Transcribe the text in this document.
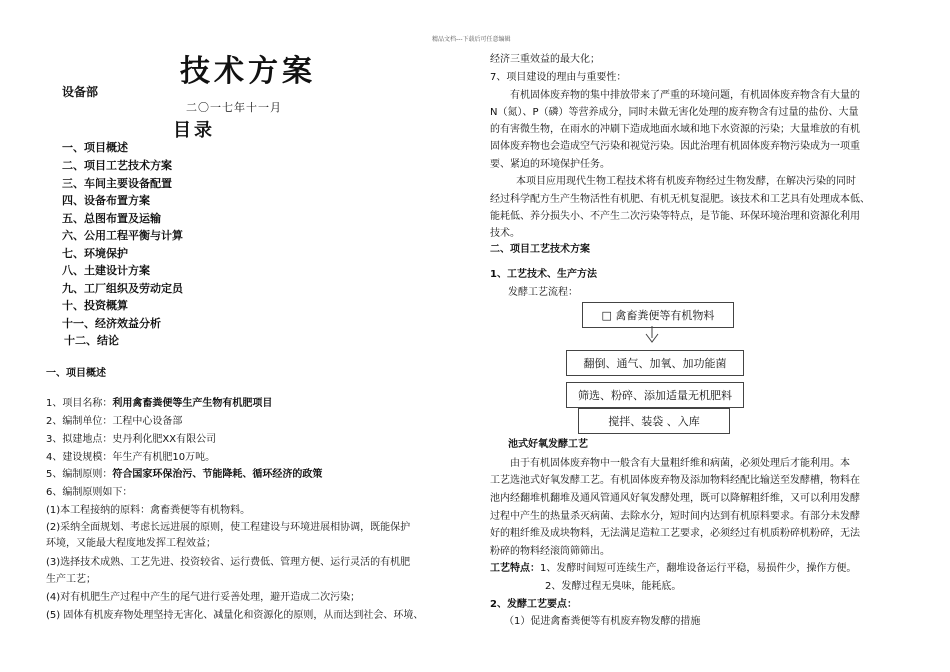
精品文档---下载后可任意编辑
技术方案
设备部
二〇一七年十一月
目录
一、项目概述
二、项目工艺技术方案
三、车间主要设备配置
四、设备布置方案
五、总图布置及运输
六、公用工程平衡与计算
七、环境保护
八、土建设计方案
九、工厂组织及劳动定员
十、投资概算
十一、经济效益分析
十二、结论
一、项目概述
1、项目名称：利用禽畜粪便等生产生物有机肥项目
2、编制单位：工程中心设备部
3、拟建地点：史丹利化肥XX有限公司
4、建设规模：年生产有机肥10万吨。
5、编制原则：符合国家环保治污、节能降耗、循环经济的政策
6、编制原则如下：
(1)本工程接纳的原料：禽畜粪便等有机物料。
(2)采纳全面规划、考虑长远进展的原则，使工程建设与环境进展相协调，既能保护
环境，又能最大程度地发挥工程效益；
(3)选择技术成熟、工艺先进、投资较省、运行费低、管理方便、运行灵活的有机肥
生产工艺；
(4)对有机肥生产过程中产生的尾气进行妥善处理，避开造成二次污染；
(5) 固体有机废弃物处理坚持无害化、减量化和资源化的原则，从而达到社会、环境、
经济三重效益的最大化；
7、项目建设的理由与重要性：
有机固体废弃物的集中排放带来了严重的环境问题，有机固体废弃物含有大量的
N（氮）、P（磷）等营养成分，同时未做无害化处理的废弃物含有过量的盐份、大量
的有害微生物，在雨水的冲刷下造成地面水域和地下水资源的污染；大量堆放的有机
固体废弃物也会造成空气污染和视觉污染。因此治理有机固体废弃物污染成为一项重
要、紧迫的环境保护任务。
本项目应用现代生物工程技术将有机废弃物经过生物发酵，在解决污染的同时
经过科学配方生产生物活性有机肥、有机无机复混肥。该技术和工艺具有处理成本低、
能耗低、养分损失小、不产生二次污染等特点，是节能、环保环境治理和资源化利用
技术。
二、项目工艺技术方案
1、工艺技术、生产方法
发酵工艺流程：
□ 禽畜粪便等有机物料
翻倒、通气、加氧、加功能菌
筛选、粉碎、添加适量无机肥料
搅拌、装袋 、入库
池式好氧发酵工艺
由于有机固体废弃物中一般含有大量粗纤维和病菌，必须处理后才能利用。本
工艺选池式好氧发酵工艺。有机固体废弃物及添加物料经配比输送至发酵槽，物料在
池内经翻堆机翻堆及通风管通风好氧发酵处理，既可以降解粗纤维，又可以利用发酵
过程中产生的热量杀灭病菌、去除水分，短时间内达到有机原料要求。有部分未发酵
好的粗纤维及成块物料，无法满足造粒工艺要求，必须经过有机质粉碎机粉碎，无法
粉碎的物料经滚筒筛筛出。
工艺特点：1、发酵时间短可连续生产，翻堆设备运行平稳，易损件少，操作方便。
2、发酵过程无臭味，能耗底。
2、发酵工艺要点：
（1）促进禽畜粪便等有机废弃物发酵的措施
